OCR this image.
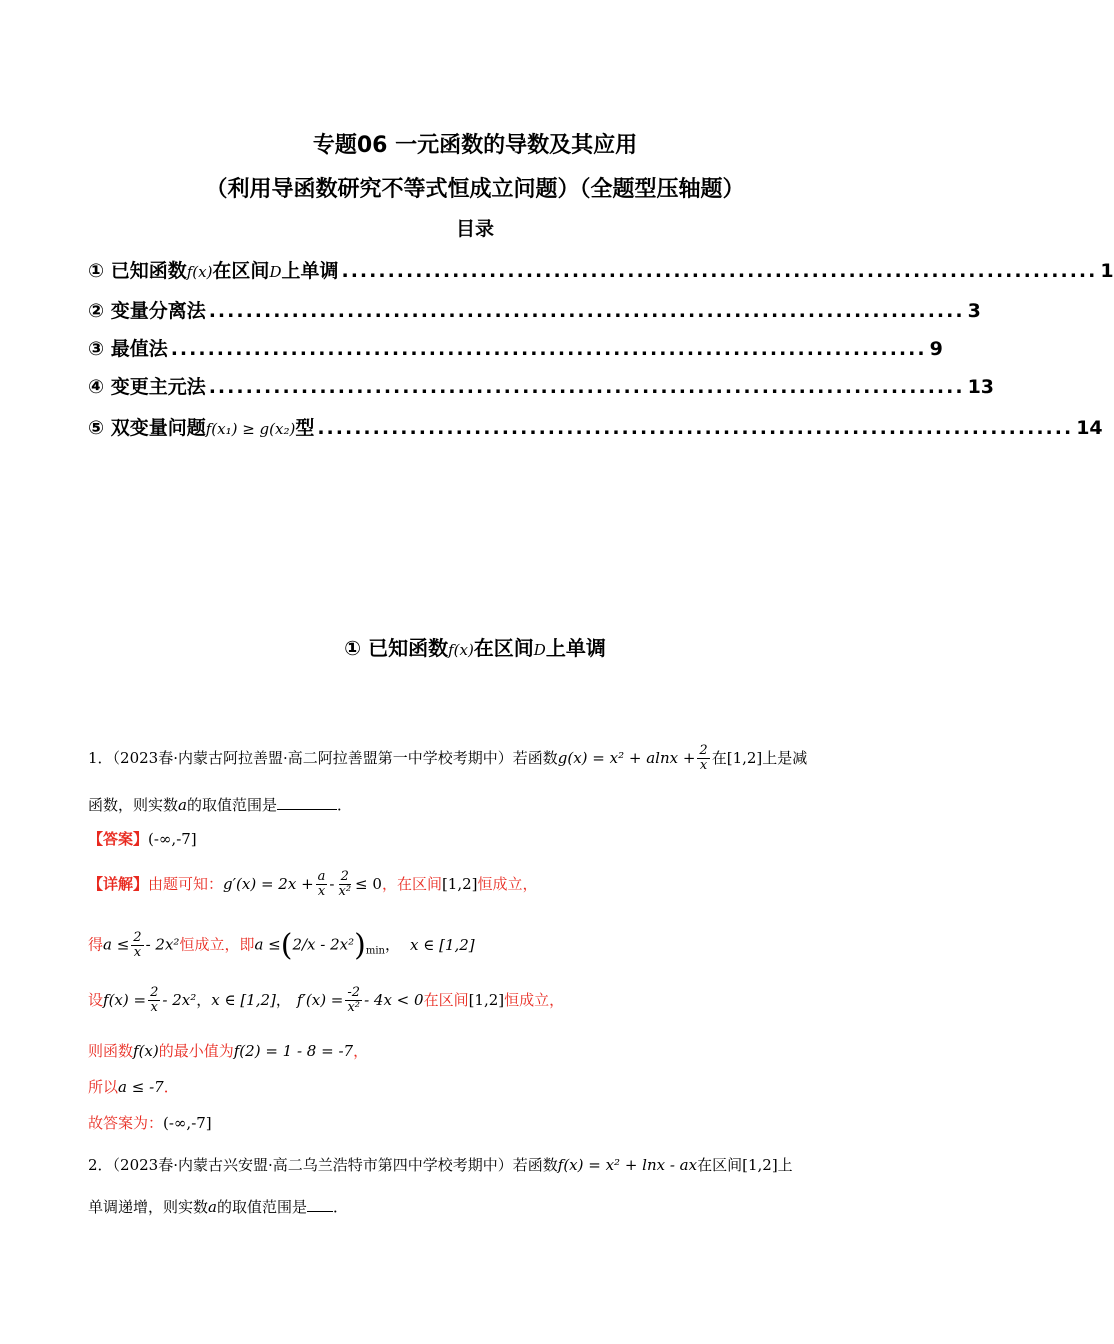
专题06 一元函数的导数及其应用
（利用导函数研究不等式恒成立问题）（全题型压轴题）
目录
① 已知函数f(x)在区间D上单调 .................................................................................. 1
② 变量分离法 .................................................................................. 3
③ 最值法 .................................................................................. 9
④ 变更主元法 .................................................................................. 13
⑤ 双变量问题f(x₁) ≥ g(x₂)型 .................................................................................. 14
① 已知函数f(x)在区间D上单调
1．（2023春·内蒙古阿拉善盟·高二阿拉善盟第一中学校考期中）若函数$g(x) = x^2 + alnx + \frac{2}{x}$ 在[1,2]上是减
函数，则实数a的取值范围是	．
【答案】(-∞,-7]
【详解】由题可知：$g'(x) = 2x + \frac{a}{x} - \frac{2}{\text{x²}} \le 0$，在区间[1,2]恒成立，
得$a \le \frac{2}{x} - 2x^2$恒成立，即$a \le(2/x - 2x^2)_{min}$， x ∈ [1,2]
设$f(x) = \frac{2}{x} - 2x^2$，x ∈ [1,2]， $f'(x) = \frac{-2}{\text{x²}} - 4x < 0$在区间[1,2]恒成立，
则函数f(x)的最小值为f(2) = 1 - 8 = -7，
所以a ≤ -7．
故答案为：(-∞,-7]
2．（2023春·内蒙古兴安盟·高二乌兰浩特市第四中学校考期中）若函数f(x) = x² + lnx - ax在区间[1,2]上
单调递增，则实数a的取值范围是 ．
